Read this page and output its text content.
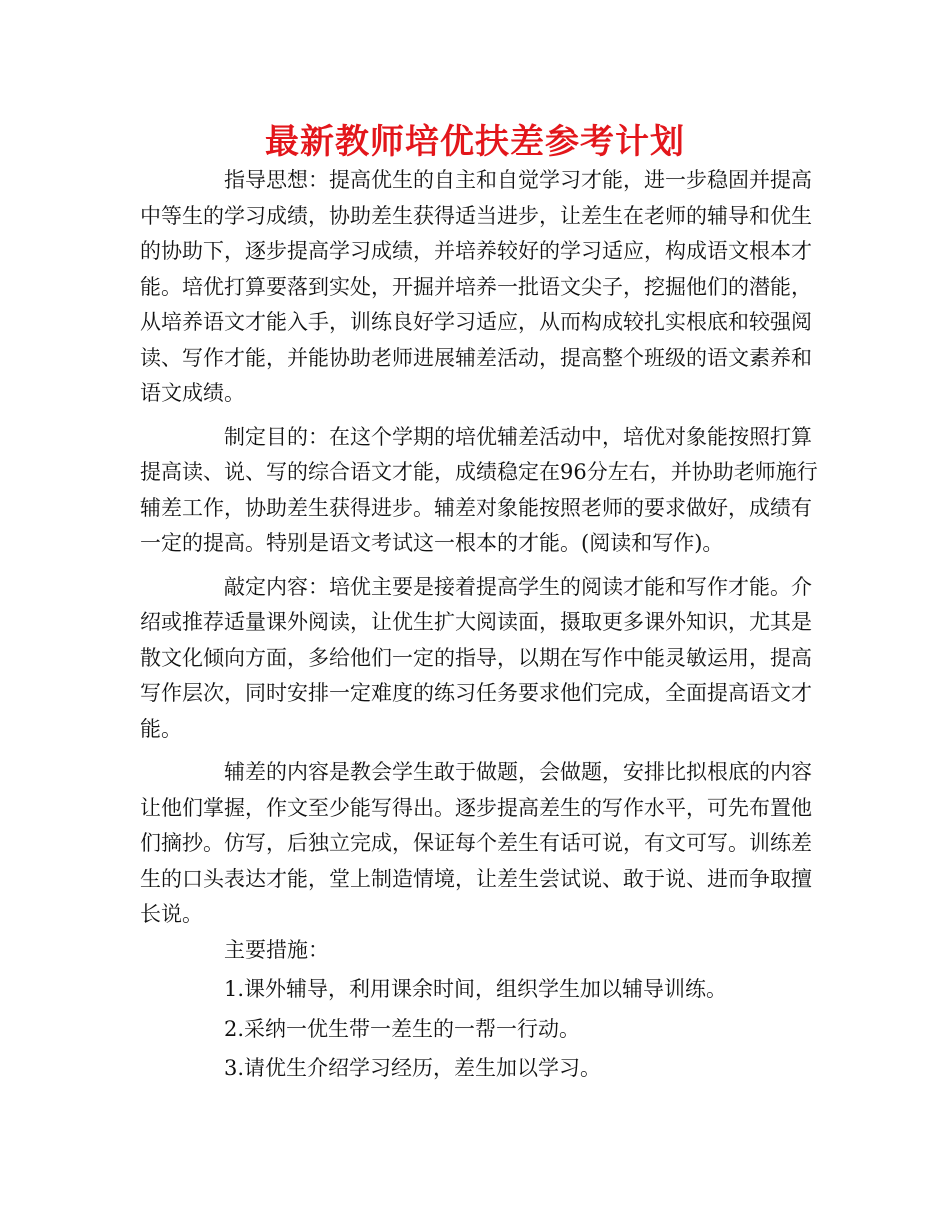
最新教师培优扶差参考计划

指导思想：提高优生的自主和自觉学习才能，进一步稳固并提高中等生的学习成绩，协助差生获得适当进步，让差生在老师的辅导和优生的协助下，逐步提高学习成绩，并培养较好的学习适应，构成语文根本才能。培优打算要落到实处，开掘并培养一批语文尖子，挖掘他们的潜能，从培养语文才能入手，训练良好学习适应，从而构成较扎实根底和较强阅读、写作才能，并能协助老师进展辅差活动，提高整个班级的语文素养和语文成绩。

制定目的：在这个学期的培优辅差活动中，培优对象能按照打算提高读、说、写的综合语文才能，成绩稳定在96分左右，并协助老师施行辅差工作，协助差生获得进步。辅差对象能按照老师的要求做好，成绩有一定的提高。特别是语文考试这一根本的才能。(阅读和写作)。

敲定内容：培优主要是接着提高学生的阅读才能和写作才能。介绍或推荐适量课外阅读，让优生扩大阅读面，摄取更多课外知识，尤其是散文化倾向方面，多给他们一定的指导，以期在写作中能灵敏运用，提高写作层次，同时安排一定难度的练习任务要求他们完成，全面提高语文才能。

辅差的内容是教会学生敢于做题，会做题，安排比拟根底的内容让他们掌握，作文至少能写得出。逐步提高差生的写作水平，可先布置他们摘抄。仿写，后独立完成，保证每个差生有话可说，有文可写。训练差生的口头表达才能，堂上制造情境，让差生尝试说、敢于说、进而争取擅长说。

主要措施：

1.课外辅导，利用课余时间，组织学生加以辅导训练。

2.采纳一优生带一差生的一帮一行动。

3.请优生介绍学习经历，差生加以学习。
